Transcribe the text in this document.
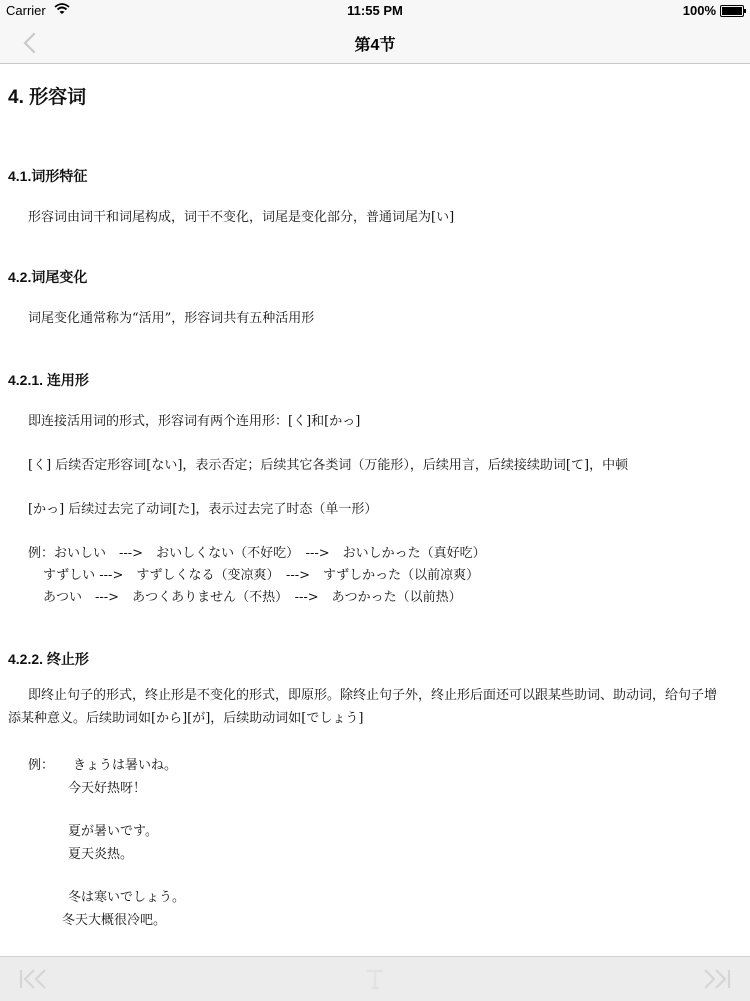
Carrier	11:55 PM	100%
第4节
4. 形容词
4.1.词形特征
形容词由词干和词尾构成，词干不变化，词尾是变化部分，普通词尾为[い]
4.2.词尾变化
词尾变化通常称为“活用”，形容词共有五种活用形
4.2.1. 连用形
即连接活用词的形式，形容词有两个连用形：[く]和[かっ]
[く] 后续否定形容词[ない]，表示否定；后续其它各类词（万能形），后续用言，后续接续助词[て]，中顿
[かっ] 后续过去完了动词[た]，表示过去完了时态（单一形）
例：おいしい　--->　おいしくない（不好吃）　--->　おいしかった（真好吃）
すずしい --->　すずしくなる（变凉爽）　--->　すずしかった（以前凉爽）
あつい　--->　あつくありません（不热）　--->　あつかった（以前热）
4.2.2. 终止形
即终止句子的形式，终止形是不变化的形式，即原形。除终止句子外，终止形后面还可以跟某些助词、助动词，给句子增添某种意义。后续助词如[から][が]，后续助动词如[でしょう]
例： きょうは暑いね。
今天好热呀！
夏が暑いです。
夏天炎热。
冬は寒いでしょう。
冬天大概很冷吧。
